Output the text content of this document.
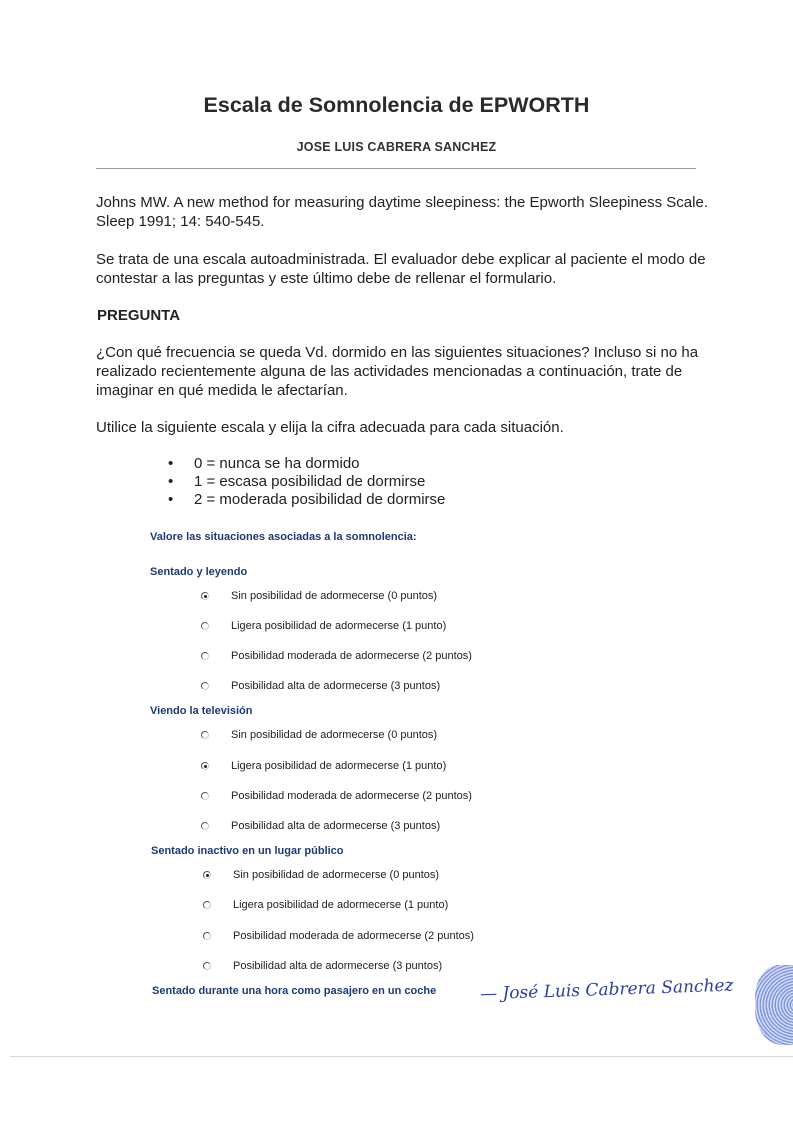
Escala de Somnolencia de EPWORTH
JOSE LUIS CABRERA SANCHEZ
Johns MW. A new method for measuring daytime sleepiness: the Epworth Sleepiness Scale. Sleep 1991; 14: 540-545.
Se trata de una escala autoadministrada. El evaluador debe explicar al paciente el modo de contestar a las preguntas y este último debe de rellenar el formulario.
PREGUNTA
¿Con qué frecuencia se queda Vd. dormido en las siguientes situaciones? Incluso si no ha realizado recientemente alguna de las actividades mencionadas a continuación, trate de imaginar en qué medida le afectarían.
Utilice la siguiente escala y elija la cifra adecuada para cada situación.
• 0 = nunca se ha dormido
• 1 = escasa posibilidad de dormirse
• 2 = moderada posibilidad de dormirse
Valore las situaciones asociadas a la somnolencia:
Sentado y leyendo
Sin posibilidad de adormecerse (0 puntos)
Ligera posibilidad de adormecerse (1 punto)
Posibilidad moderada de adormecerse (2 puntos)
Posibilidad alta de adormecerse (3 puntos)
Viendo la televisión
Sin posibilidad de adormecerse (0 puntos)
Ligera posibilidad de adormecerse (1 punto)
Posibilidad moderada de adormecerse (2 puntos)
Posibilidad alta de adormecerse (3 puntos)
Sentado inactivo en un lugar público
Sin posibilidad de adormecerse (0 puntos)
Ligera posibilidad de adormecerse (1 punto)
Posibilidad moderada de adormecerse (2 puntos)
Posibilidad alta de adormecerse (3 puntos)
Sentado durante una hora como pasajero en un coche	— José Luis Cabrera Sanchez
